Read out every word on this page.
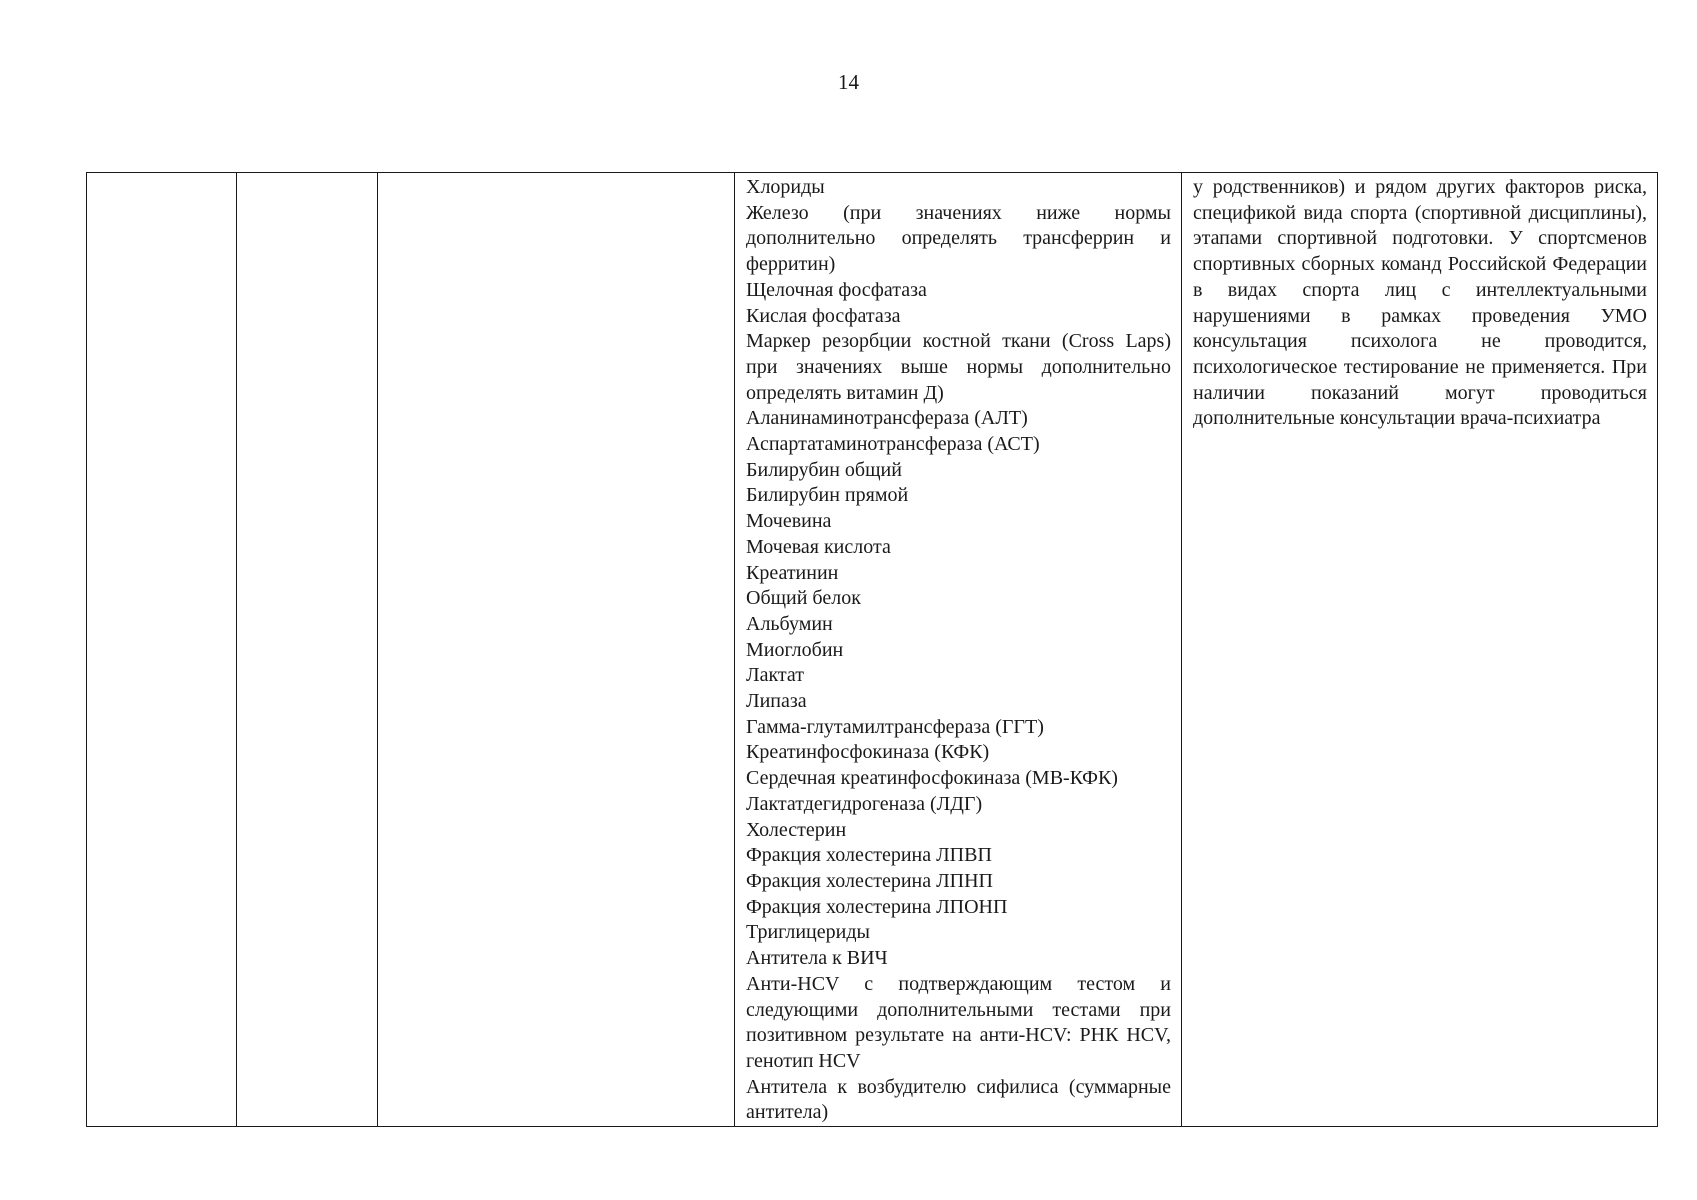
14

Хлориды
Железо (при значениях ниже нормы дополнительно определять трансферрин и ферритин)
Щелочная фосфатаза
Кислая фосфатаза
Маркер резорбции костной ткани (Cross Laps) при значениях выше нормы дополнительно определять витамин Д)
Аланинаминотрансфераза (АЛТ)
Аспартатаминотрансфераза (АСТ)
Билирубин общий
Билирубин прямой
Мочевина
Мочевая кислота
Креатинин
Общий белок
Альбумин
Миоглобин
Лактат
Липаза
Гамма-глутамилтрансфераза (ГГТ)
Креатинфосфокиназа (КФК)
Сердечная креатинфосфокиназа (МВ-КФК)
Лактатдегидрогеназа (ЛДГ)
Холестерин
Фракция холестерина ЛПВП
Фракция холестерина ЛПНП
Фракция холестерина ЛПОНП
Триглицериды
Антитела к ВИЧ
Анти-HCV с подтверждающим тестом и следующими дополнительными тестами при позитивном результате на анти-HCV: РНК HCV, генотип HCV
Антитела к возбудителю сифилиса (суммарные антитела)

у родственников) и рядом других факторов риска, спецификой вида спорта (спортивной дисциплины), этапами спортивной подготовки. У спортсменов спортивных сборных команд Российской Федерации в видах спорта лиц с интеллектуальными нарушениями в рамках проведения УМО консультация психолога не проводится, психологическое тестирование не применяется. При наличии показаний могут проводиться дополнительные консультации врача-психиатра
